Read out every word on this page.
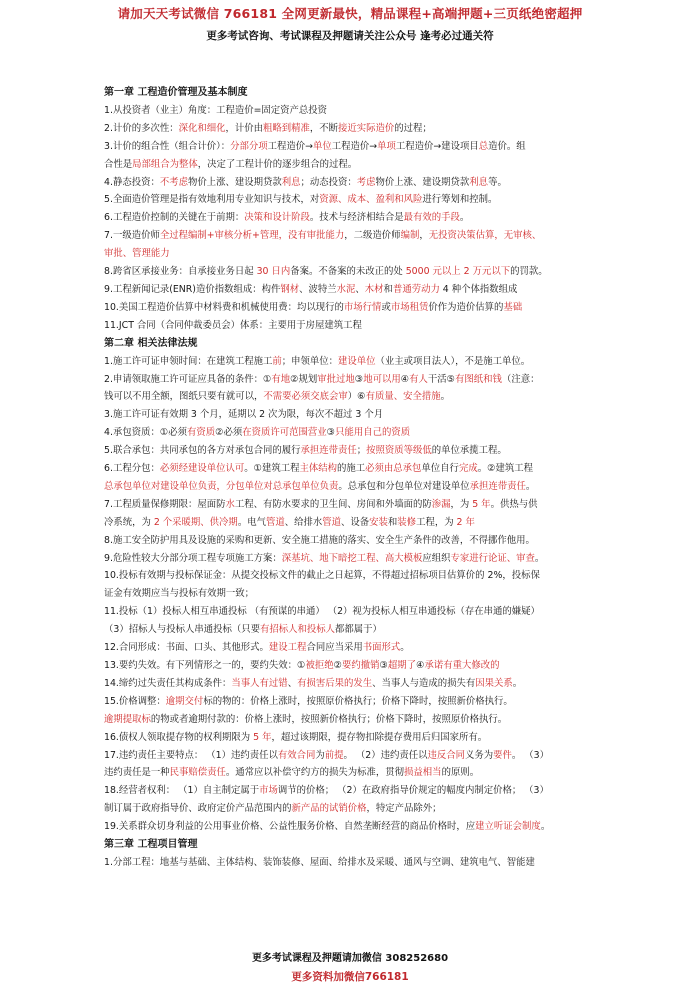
请加天天考试微信 766181 全网更新最快，精品课程+高端押题+三页纸绝密超押
更多考试咨询、考试课程及押题请关注公众号 逢考必过通关符
第一章 工程造价管理及基本制度
1.从投资者（业主）角度：工程造价=固定资产总投资
2.计价的多次性：深化和细化，计价由粗略到精准，不断接近实际造价的过程；
3.计价的组合性（组合计价）：分部分项工程造价→单位工程造价→单项工程造价→建设项目总造价。组
合性是局部组合为整体，决定了工程计价的逐步组合的过程。
4.静态投资：不考虑物价上涨、建设期贷款利息；动态投资：考虑物价上涨、建设期贷款利息等。
5.全面造价管理是指有效地利用专业知识与技术，对资源、成本、盈利和风险进行筹划和控制。
6.工程造价控制的关键在于前期：决策和设计阶段。技术与经济相结合是最有效的手段。
7.一级造价师全过程编制+审核分析+管理，没有审批能力，二级造价师编制，无投资决策估算，无审核、
审批、管理能力
8.跨省区承接业务：自承接业务日起 30 日内备案。不备案的未改正的处 5000 元以上 2 万元以下的罚款。
9.工程新闻记录(ENR)造价指数组成：构件钢材、波特兰水泥、木材和普通劳动力 4 种个体指数组成
10.美国工程造价估算中材料费和机械使用费：均以现行的市场行情或市场租赁价作为造价估算的基础
11.JCT 合同（合同仲裁委员会）体系：主要用于房屋建筑工程
第二章 相关法律法规
1.施工许可证申领时间：在建筑工程施工前；申领单位：建设单位（业主或项目法人），不是施工单位。
2.申请领取施工许可证应具备的条件：①有地②规划审批过地③地可以用④有人干活⑤有图纸和钱（注意：
钱可以不用全额，图纸只要有就可以，不需要必须交底会审）⑥有质量、安全措施。
3.施工许可证有效期 3 个月，延期以 2 次为限，每次不超过 3 个月
4.承包资质：①必须有资质②必须在资质许可范围营业③只能用自己的资质
5.联合承包：共同承包的各方对承包合同的履行承担连带责任；按照资质等级低的单位承揽工程。
6.工程分包：必须经建设单位认可。①建筑工程主体结构的施工必须由总承包单位自行完成。②建筑工程
总承包单位对建设单位负责，分包单位对总承包单位负责。总承包和分包单位对建设单位承担连带责任。
7.工程质量保修期限：屋面防水工程、有防水要求的卫生间、房间和外墙面的防渗漏，为 5 年。供热与供
冷系统，为 2 个采暖期、供冷期。电气管道、给排水管道、设备安装和装修工程，为 2 年
8.施工安全防护用具及设施的采购和更新、安全施工措施的落实、安全生产条件的改善，不得挪作他用。
9.危险性较大分部分项工程专项施工方案：深基坑、地下暗挖工程、高大模板应组织专家进行论证、审查。
10.投标有效期与投标保证金：从提交投标文件的截止之日起算，不得超过招标项目估算价的 2%，投标保
证金有效期应当与投标有效期一致；
11.投标（1）投标人相互串通投标 （有预谋的串通） （2）视为投标人相互串通投标（存在串通的嫌疑）
（3）招标人与投标人串通投标（只要有招标人和投标人都都属于）
12.合同形成：书面、口头、其他形式。建设工程合同应当采用书面形式。
13.要约失效。有下列情形之一的，要约失效：①被拒绝②要约撤销③超期了④承诺有重大修改的
14.缔约过失责任其构成条件：当事人有过错、有损害后果的发生、当事人与造成的损失有因果关系。
15.价格调整：逾期交付标的物的：价格上涨时，按照原价格执行；价格下降时，按照新价格执行。
逾期提取标的物或者逾期付款的：价格上涨时，按照新价格执行；价格下降时，按照原价格执行。
16.债权人领取提存物的权利期限为 5 年，超过该期限，提存物扣除提存费用后归国家所有。
17.违约责任主要特点： （1）违约责任以有效合同为前提。 （2）违约责任以违反合同义务为要件。 （3）
违约责任是一种民事赔偿责任。通常应以补偿守约方的损失为标准，贯彻损益相当的原则。
18.经营者权利： （1）自主制定属于市场调节的价格； （2）在政府指导价规定的幅度内制定价格； （3）
制订属于政府指导价、政府定价产品范围内的新产品的试销价格，特定产品除外；
19.关系群众切身利益的公用事业价格、公益性服务价格、自然垄断经营的商品价格时，应建立听证会制度。
第三章 工程项目管理
1.分部工程：地基与基础、主体结构、装饰装修、屋面、给排水及采暖、通风与空调、建筑电气、智能建
更多考试课程及押题请加微信 308252680
更多资料加微信766181
